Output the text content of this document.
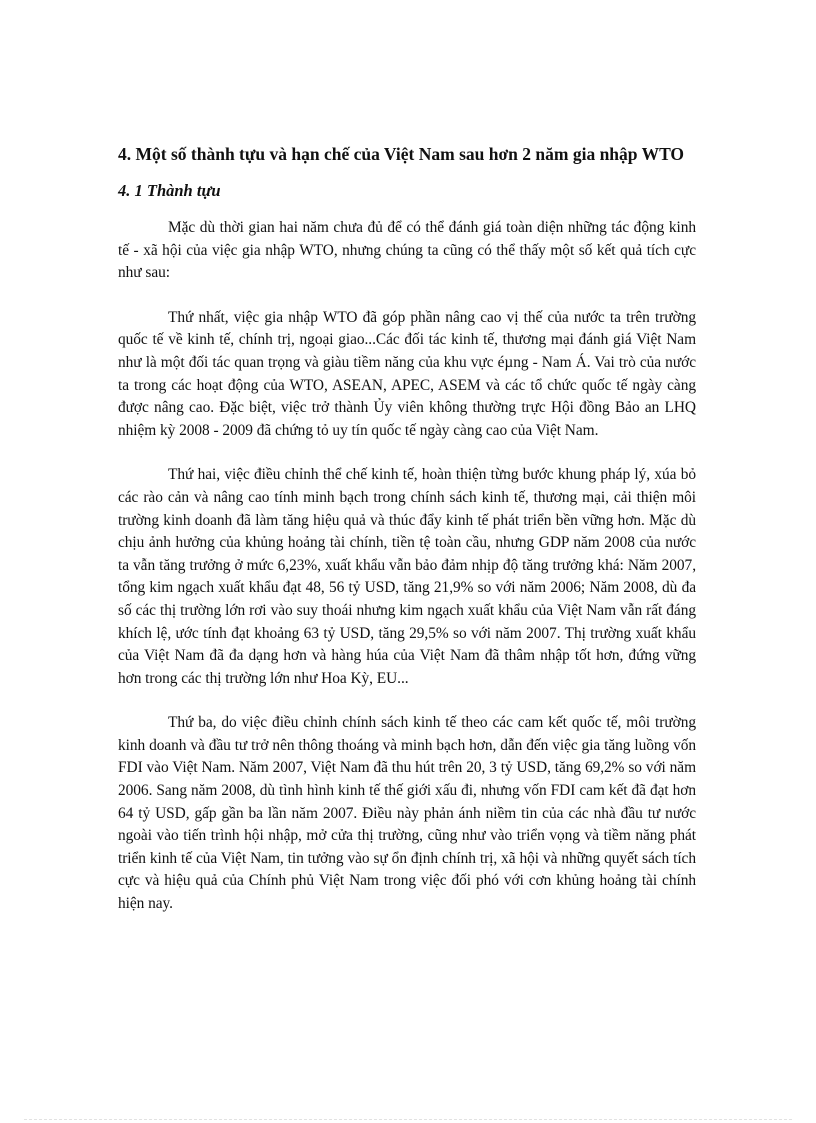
4. Một số thành tựu và hạn chế của Việt Nam sau hơn 2 năm gia nhập WTO
4. 1 Thành tựu

Mặc dù thời gian hai năm chưa đủ để có thể đánh giá toàn diện những tác động kinh tế - xã hội của việc gia nhập WTO, nhưng chúng ta cũng có thể thấy một số kết quả tích cực như sau:

Thứ nhất, việc gia nhập WTO đã góp phần nâng cao vị thế của nước ta trên trường quốc tế về kinh tế, chính trị, ngoại giao...Các đối tác kinh tế, thương mại đánh giá Việt Nam như là một đối tác quan trọng và giàu tiềm năng của khu vực éµng - Nam Á. Vai trò của nước ta trong các hoạt động của WTO, ASEAN, APEC, ASEM và các tổ chức quốc tế ngày càng được nâng cao. Đặc biệt, việc trở thành Ủy viên không thường trực Hội đồng Bảo an LHQ nhiệm kỳ 2008 - 2009 đã chứng tỏ uy tín quốc tế ngày càng cao của Việt Nam.

Thứ hai, việc điều chỉnh thể chế kinh tế, hoàn thiện từng bước khung pháp lý, xúa bỏ các rào cản và nâng cao tính minh bạch trong chính sách kinh tế, thương mại, cải thiện môi trường kinh doanh đã làm tăng hiệu quả và thúc đẩy kinh tế phát triển bền vững hơn. Mặc dù chịu ảnh hưởng của khủng hoảng tài chính, tiền tệ toàn cầu, nhưng GDP năm 2008 của nước ta vẫn tăng trưởng ở mức 6,23%, xuất khẩu vẫn bảo đảm nhịp độ tăng trưởng khá: Năm 2007, tổng kim ngạch xuất khẩu đạt 48, 56 tỷ USD, tăng 21,9% so với năm 2006; Năm 2008, dù đa số các thị trường lớn rơi vào suy thoái nhưng kim ngạch xuất khẩu của Việt Nam vẫn rất đáng khích lệ, ước tính đạt khoảng 63 tỷ USD, tăng 29,5% so với năm 2007. Thị trường xuất khẩu của Việt Nam đã đa dạng hơn và hàng húa của Việt Nam đã thâm nhập tốt hơn, đứng vững hơn trong các thị trường lớn như Hoa Kỳ, EU...

Thứ ba, do việc điều chỉnh chính sách kinh tế theo các cam kết quốc tế, môi trường kinh doanh và đầu tư trở nên thông thoáng và minh bạch hơn, dẫn đến việc gia tăng luồng vốn FDI vào Việt Nam. Năm 2007, Việt Nam đã thu hút trên 20, 3 tỷ USD, tăng 69,2% so với năm 2006. Sang năm 2008, dù tình hình kinh tế thế giới xấu đi, nhưng vốn FDI cam kết đã đạt hơn 64 tỷ USD, gấp gần ba lần năm 2007. Điều này phản ánh niềm tin của các nhà đầu tư nước ngoài vào tiến trình hội nhập, mở cửa thị trường, cũng như vào triển vọng và tiềm năng phát triển kinh tế của Việt Nam, tin tưởng vào sự ổn định chính trị, xã hội và những quyết sách tích cực và hiệu quả của Chính phủ Việt Nam trong việc đối phó với cơn khủng hoảng tài chính hiện nay.
